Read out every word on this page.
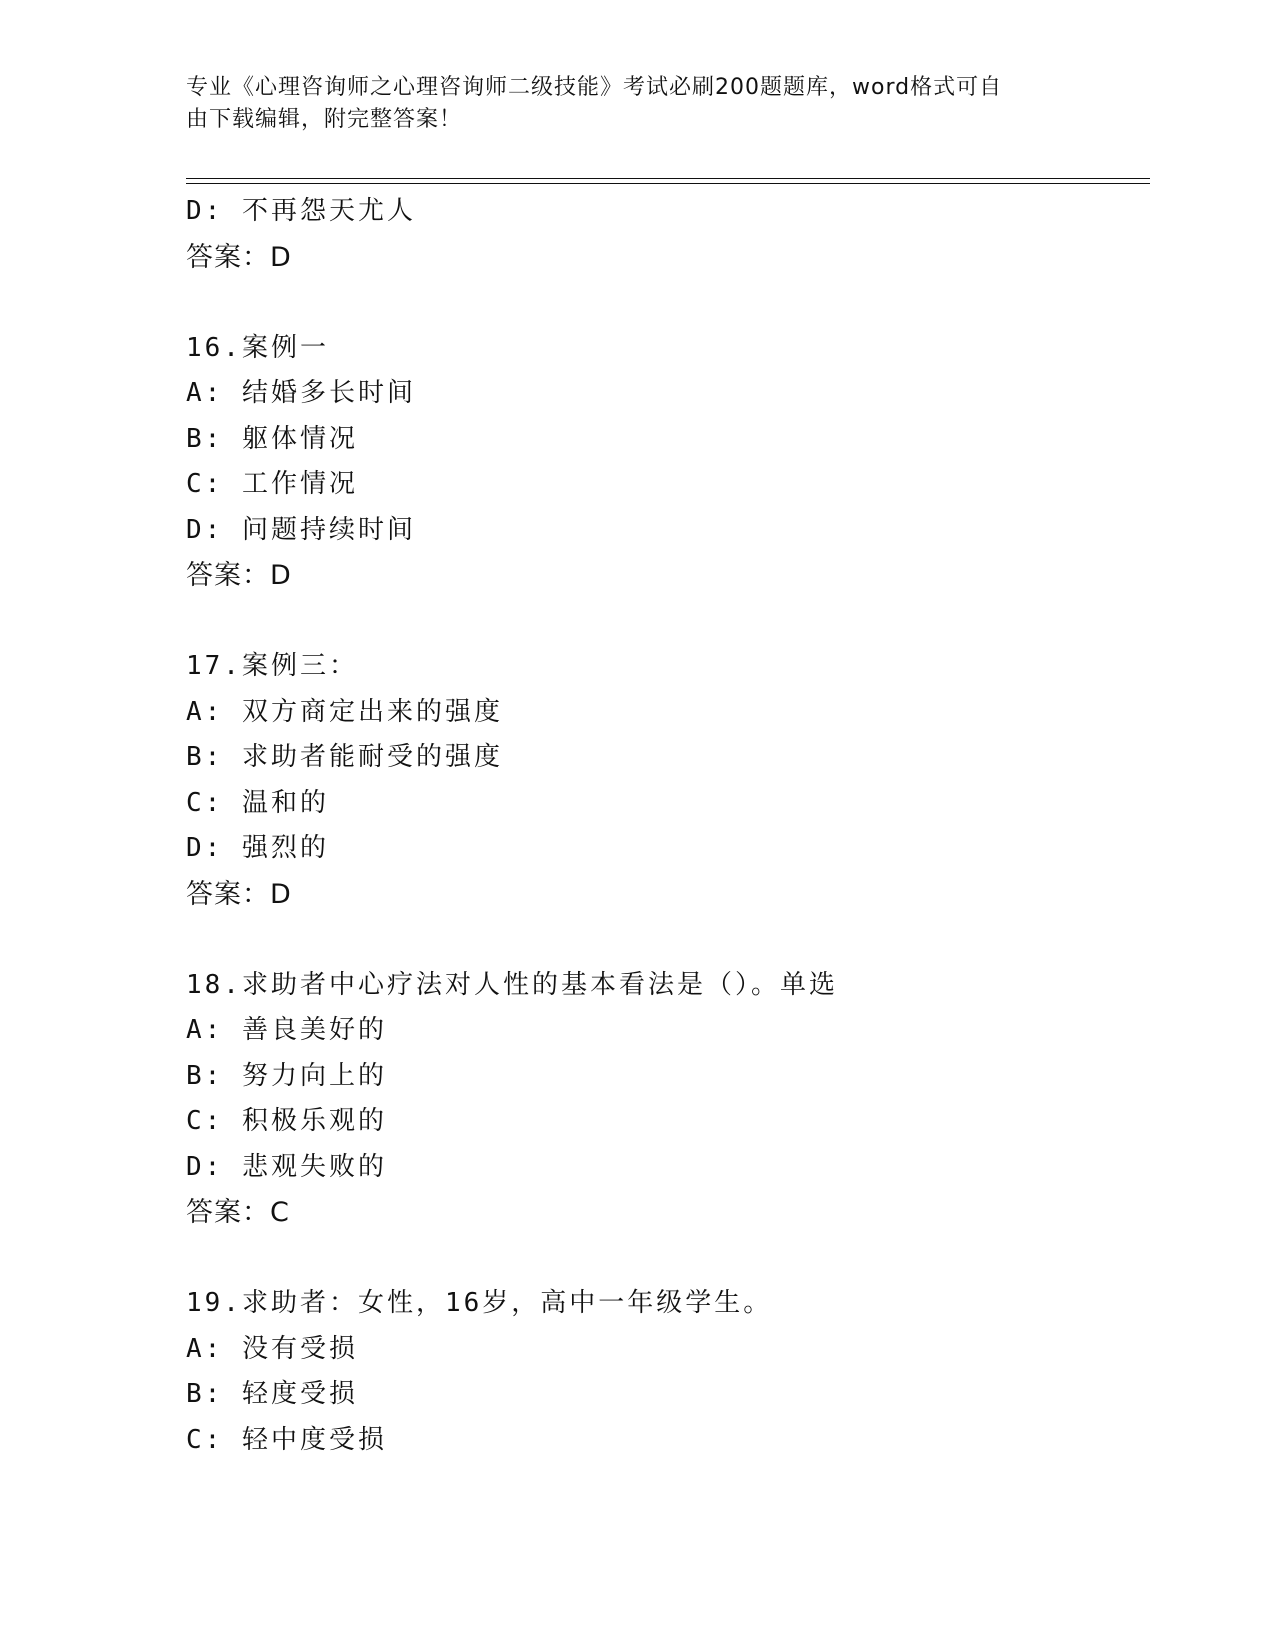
专业《心理咨询师之心理咨询师二级技能》考试必刷200题题库，word格式可自
由下载编辑，附完整答案！
D: 不再怨天尤人
答案：D
16.案例一
A: 结婚多长时间
B: 躯体情况
C: 工作情况
D: 问题持续时间
答案：D
17.案例三：
A: 双方商定出来的强度
B: 求助者能耐受的强度
C: 温和的
D: 强烈的
答案：D
18.求助者中心疗法对人性的基本看法是（）。单选
A: 善良美好的
B: 努力向上的
C: 积极乐观的
D: 悲观失败的
答案：C
19.求助者：女性，16岁，高中一年级学生。
A: 没有受损
B: 轻度受损
C: 轻中度受损
